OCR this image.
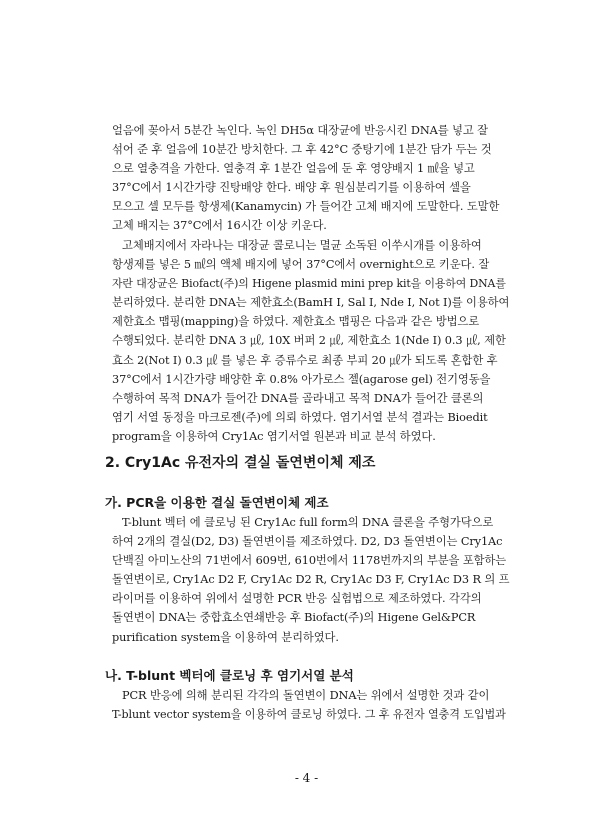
얼음에 꽂아서 5분간 녹인다. 녹인 DH5α 대장균에 반응시킨 DNA를 넣고 잘
섞어 준 후 얼음에 10분간 방치한다. 그 후 42°C 중탕기에 1분간 담가 두는 것
으로 열충격을 가한다. 열충격 후 1분간 얼음에 둔 후 영양배지 1 ㎖을 넣고
37°C에서 1시간가량 진탕배양 한다. 배양 후 원심분리기를 이용하여 셀을
모으고 셀 모두를 항생제(Kanamycin) 가 들어간 고체 배지에 도말한다. 도말한
고체 배지는 37°C에서 16시간 이상 키운다.

고체배지에서 자라나는 대장균 콜로니는 멸균 소독된 이쑤시개를 이용하여
항생제를 넣은 5 ㎖의 액체 배지에 넣어 37°C에서 overnight으로 키운다. 잘
자란 대장균은 Biofact(주)의 Higene plasmid mini prep kit을 이용하여 DNA를
분리하였다. 분리한 DNA는 제한효소(BamH I, Sal I, Nde I, Not I)를 이용하여
제한효소 맵핑(mapping)을 하였다. 제한효소 맵핑은 다음과 같은 방법으로
수행되었다. 분리한 DNA 3 ㎕, 10X 버퍼 2 ㎕, 제한효소 1(Nde I) 0.3 ㎕, 제한
효소 2(Not I) 0.3 ㎕ 를 넣은 후 증류수로 최종 부피 20 ㎕가 되도록 혼합한 후
37°C에서 1시간가량 배양한 후 0.8% 아가로스 젤(agarose gel) 전기영동을
수행하여 목적 DNA가 들어간 DNA를 골라내고 목적 DNA가 들어간 클론의
염기 서열 동정을 마크로젠(주)에 의뢰 하였다. 염기서열 분석 결과는 Bioedit
program을 이용하여 Cry1Ac 염기서열 원본과 비교 분석 하였다.

2. Cry1Ac 유전자의 결실 돌연변이체 제조
가. PCR을 이용한 결실 돌연변이체 제조

T-blunt 벡터 에 클로닝 된 Cry1Ac full form의 DNA 클론을 주형가닥으로
하여 2개의 결실(D2, D3) 돌연변이를 제조하였다. D2, D3 돌연변이는 Cry1Ac
단백질 아미노산의 71번에서 609번, 610번에서 1178번까지의 부분을 포함하는
돌연변이로, Cry1Ac D2 F, Cry1Ac D2 R, Cry1Ac D3 F, Cry1Ac D3 R 의 프
라이머를 이용하여 위에서 설명한 PCR 반응 실험법으로 제조하였다. 각각의
돌연변이 DNA는 중합효소연쇄반응 후 Biofact(주)의 Higene Gel&PCR
purification system을 이용하여 분리하였다.

나. T-blunt 벡터에 클로닝 후 염기서열 분석

PCR 반응에 의해 분리된 각각의 돌연변이 DNA는 위에서 설명한 것과 같이
T-blunt vector system을 이용하여 클로닝 하였다. 그 후 유전자 열충격 도입법과

- 4 -
